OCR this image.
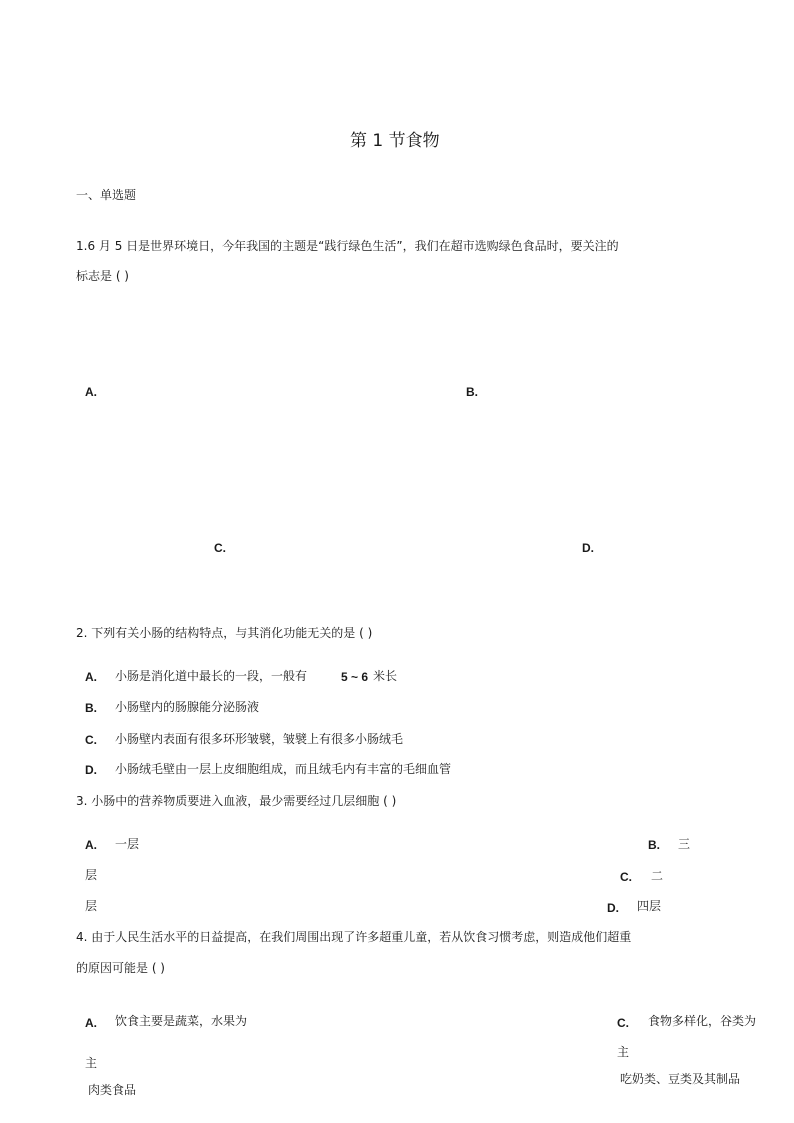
第 1 节食物
一、单选题
1.6 月 5 日是世界环境日，今年我国的主题是“践行绿色生活”，我们在超市选购绿色食品时，要关注的
标志是 ( )
A.	B.
C.	D.
2. 下列有关小肠的结构特点，与其消化功能无关的是 ( )
A. 小肠是消化道中最长的一段，一般有	5 ~ 6 米长
B. 小肠壁内的肠腺能分泌肠液
C. 小肠壁内表面有很多环形皱襞，皱襞上有很多小肠绒毛
D. 小肠绒毛壁由一层上皮细胞组成，而且绒毛内有丰富的毛细血管
3. 小肠中的营养物质要进入血液，最少需要经过几层细胞 ( )
A. 一层	B. 三
层	C. 二
层	D. 四层
4. 由于人民生活水平的日益提高，在我们周围出现了许多超重儿童，若从饮食习惯考虑，则造成他们超重
的原因可能是 ( )
A. 饮食主要是蔬菜，水果为
主
肉类食品
C. 食物多样化，谷类为
主
吃奶类、豆类及其制品
